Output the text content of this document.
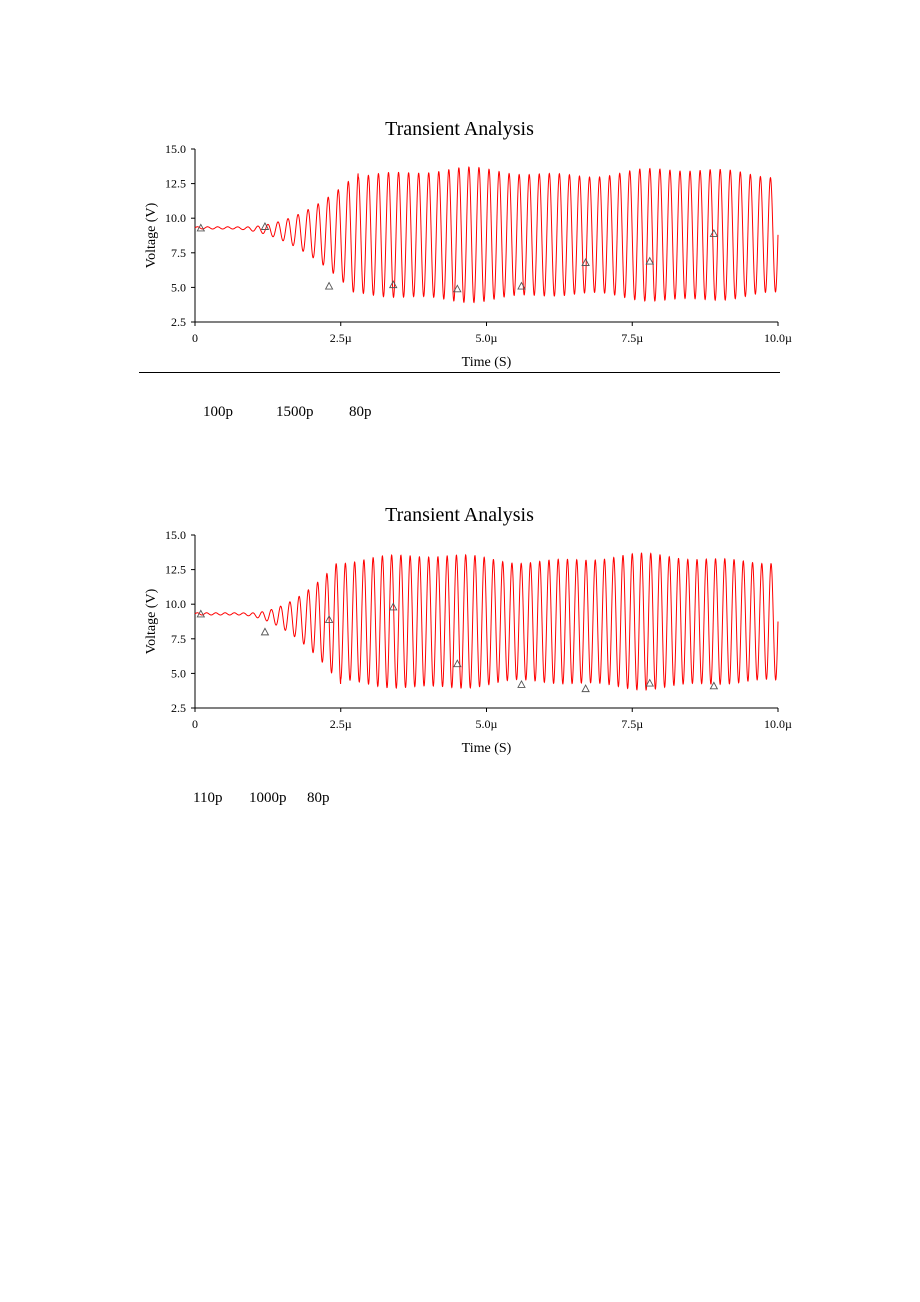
Transient Analysis
2.5
5.0
7.5
10.0
12.5
15.0
0	2.5µ	5.0µ	7.5µ	10.0µ
Time (S)
Voltage (V)
100p	1500p 80p
Transient Analysis
2.5
5.0
7.5
10.0
12.5
15.0
0	2.5µ	5.0µ	7.5µ	10.0µ
Time (S)
Voltage (V)
110p 1000p 80p
